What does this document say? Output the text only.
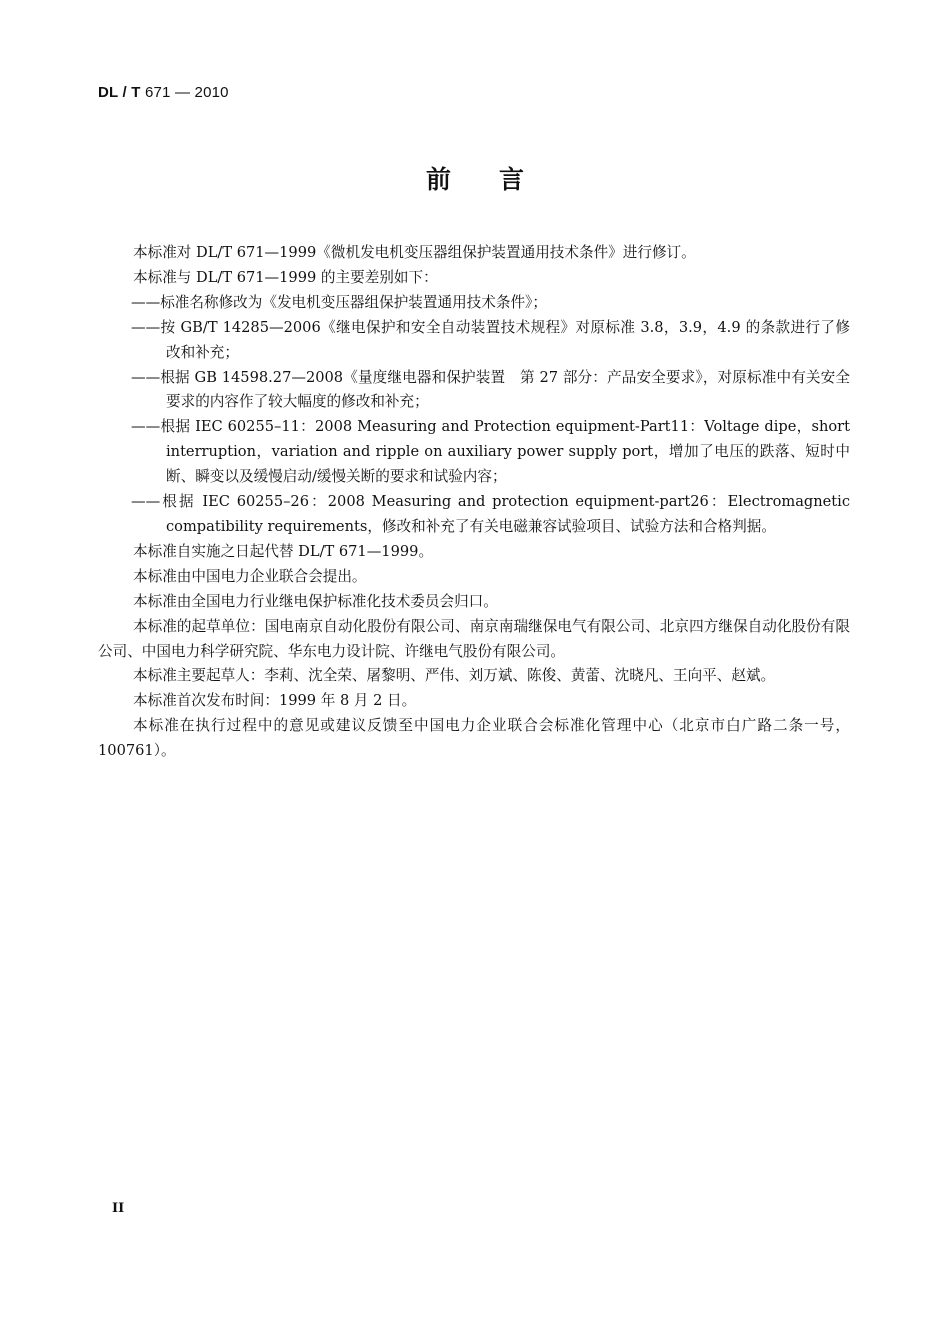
DL / T 671 — 2010
前言

本标准对 DL/T 671—1999《微机发电机变压器组保护装置通用技术条件》进行修订。

本标准与 DL/T 671—1999 的主要差别如下：

——标准名称修改为《发电机变压器组保护装置通用技术条件》；

——按 GB/T 14285—2006《继电保护和安全自动装置技术规程》对原标准 3.8，3.9，4.9 的条款进行了修改和补充；

——根据 GB 14598.27—2008《量度继电器和保护装置　第 27 部分：产品安全要求》，对原标准中有关安全要求的内容作了较大幅度的修改和补充；

——根据 IEC 60255–11：2008 Measuring and Protection equipment-Part11：Voltage dipe，short interruption，variation and ripple on auxiliary power supply port，增加了电压的跌落、短时中断、瞬变以及缓慢启动/缓慢关断的要求和试验内容；

——根据 IEC 60255–26：2008 Measuring and protection equipment-part26：Electromagnetic compatibility requirements，修改和补充了有关电磁兼容试验项目、试验方法和合格判据。

本标准自实施之日起代替 DL/T 671—1999。

本标准由中国电力企业联合会提出。

本标准由全国电力行业继电保护标准化技术委员会归口。

本标准的起草单位：国电南京自动化股份有限公司、南京南瑞继保电气有限公司、北京四方继保自动化股份有限公司、中国电力科学研究院、华东电力设计院、许继电气股份有限公司。

本标准主要起草人：李莉、沈全荣、屠黎明、严伟、刘万斌、陈俊、黄蕾、沈晓凡、王向平、赵斌。

本标准首次发布时间：1999 年 8 月 2 日。

本标准在执行过程中的意见或建议反馈至中国电力企业联合会标准化管理中心（北京市白广路二条一号，100761）。

II
